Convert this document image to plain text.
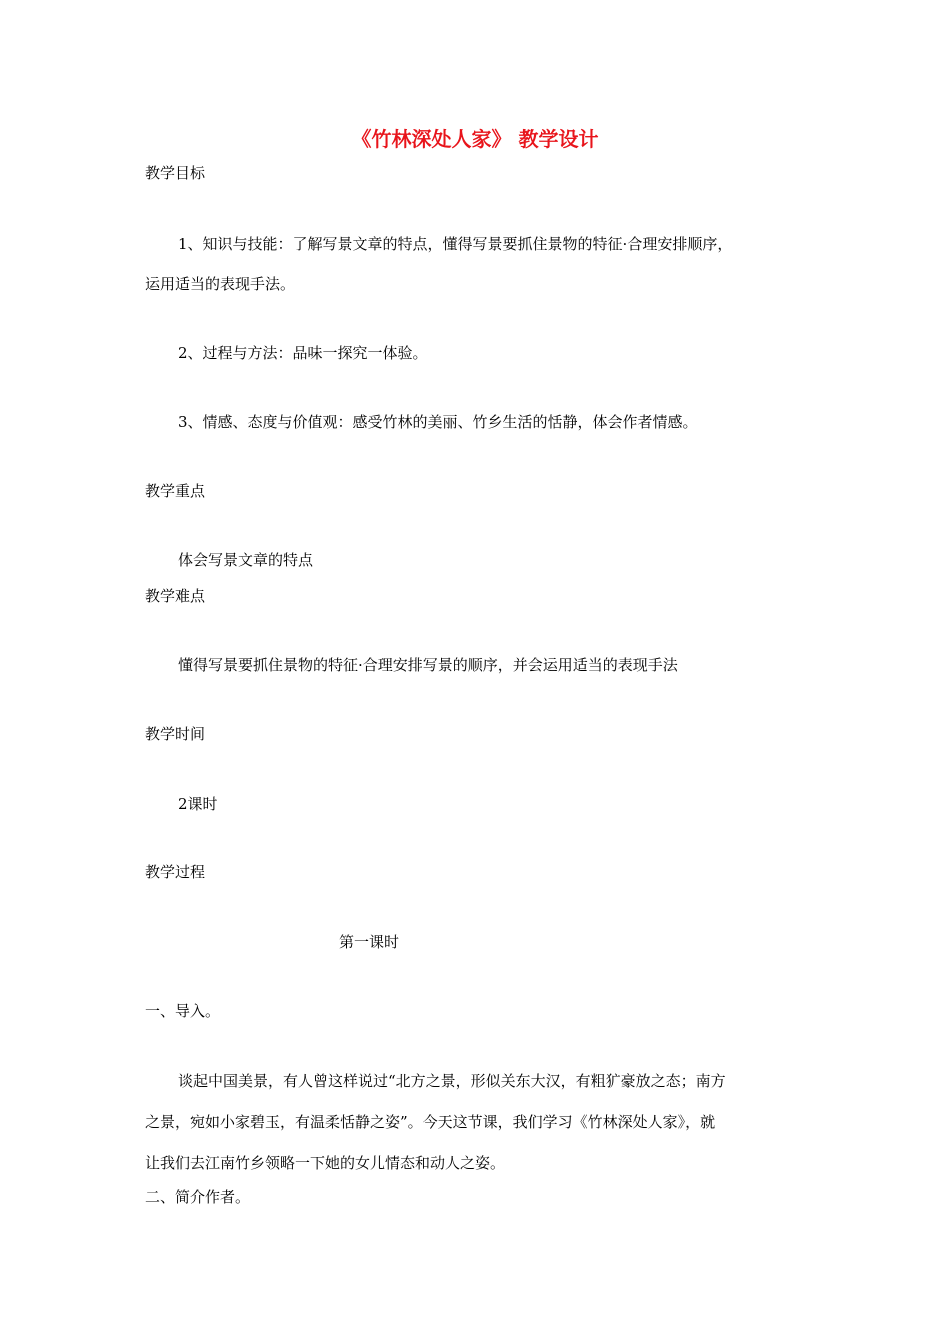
《竹林深处人家》 教学设计
教学目标
1、知识与技能：了解写景文章的特点，懂得写景要抓住景物的特征·合理安排顺序，
运用适当的表现手法。
2、过程与方法：品味一探究一体验。
3、情感、态度与价值观：感受竹林的美丽、竹乡生活的恬静，体会作者情感。
教学重点
体会写景文章的特点
教学难点
懂得写景要抓住景物的特征·合理安排写景的顺序，并会运用适当的表现手法
教学时间
2课时
教学过程
第一课时
一、导入。
谈起中国美景，有人曾这样说过“北方之景，形似关东大汉，有粗犷豪放之态；南方
之景，宛如小家碧玉，有温柔恬静之姿”。今天这节课，我们学习《竹林深处人家》，就
让我们去江南竹乡领略一下她的女儿情态和动人之姿。
二、简介作者。
